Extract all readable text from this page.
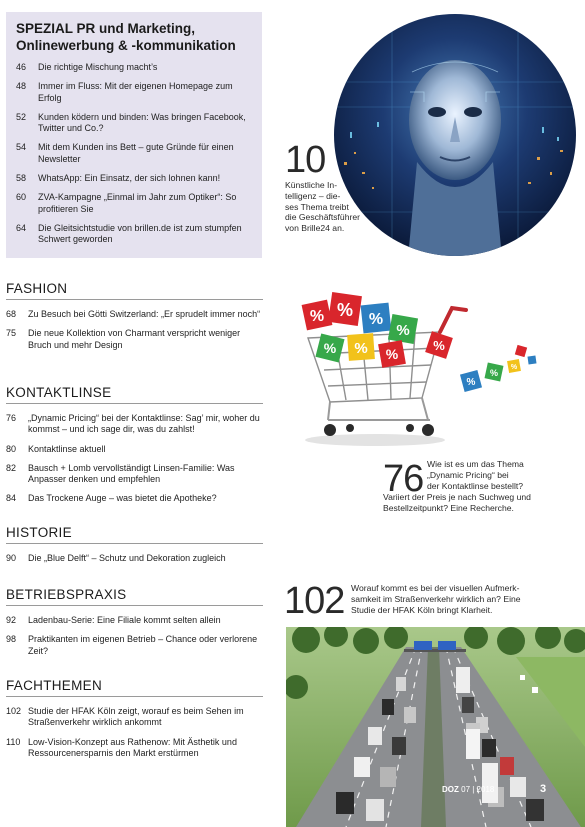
SPEZIAL PR und Marketing,
Onlinewerbung & -kommunikation
46	Die richtige Mischung macht’s
48	Immer im Fluss: Mit der eigenen Homepage zum Erfolg
52	Kunden ködern und binden: Was bringen Facebook, Twitter und Co.?
54	Mit dem Kunden ins Bett – gute Gründe für einen Newsletter
58	WhatsApp: Ein Einsatz, der sich lohnen kann!
60	ZVA-Kampagne „Einmal im Jahr zum Optiker“: So profitieren Sie
64	Die Gleitsichtstudie von brillen.de ist zum stumpfen Schwert geworden
10
Künstliche In-
telligenz – die-
ses Thema treibt
die Geschäftsführer
von Brille24 an.
FASHION
68	Zu Besuch bei Götti Switzerland: „Er sprudelt immer noch“
75	Die neue Kollektion von Charmant verspricht weniger Bruch und mehr Design
KONTAKTLINSE
76	„Dynamic Pricing“ bei der Kontaktlinse: Sag’ mir, woher du kommst – und ich sage dir, was du zahlst!
80	Kontaktlinse aktuell
82	Bausch + Lomb vervollständigt Linsen-Familie: Was Anpasser denken und empfehlen
84	Das Trockene Auge – was bietet die Apotheke?
HISTORIE
90	Die „Blue Delft“ – Schutz und Dekoration zugleich
BETRIEBSPRAXIS
92	Ladenbau-Serie: Eine Filiale kommt selten allein
98	Praktikanten im eigenen Betrieb – Chance oder verlorene Zeit?
FACHTHEMEN
102 Studie der HFAK Köln zeigt, worauf es beim Sehen im Straßenverkehr wirklich ankommt
110 Low-Vision-Konzept aus Rathenow: Mit Ästhetik und Ressourcenersparnis den Markt erstürmen
% % %
%
%
%	%
%
%
%
%
76 Wie ist es um das Thema
„Dynamic Pricing“ bei
der Kontaktlinse bestellt?
Variiert der Preis je nach Suchweg und
Bestellzeitpunkt? Eine Recherche.
102 Worauf kommt es bei der visuellen Aufmerk-
samkeit im Straßenverkehr wirklich an? Eine
Studie der HFAK Köln bringt Klarheit.
DOZ 07 | 2018	3
